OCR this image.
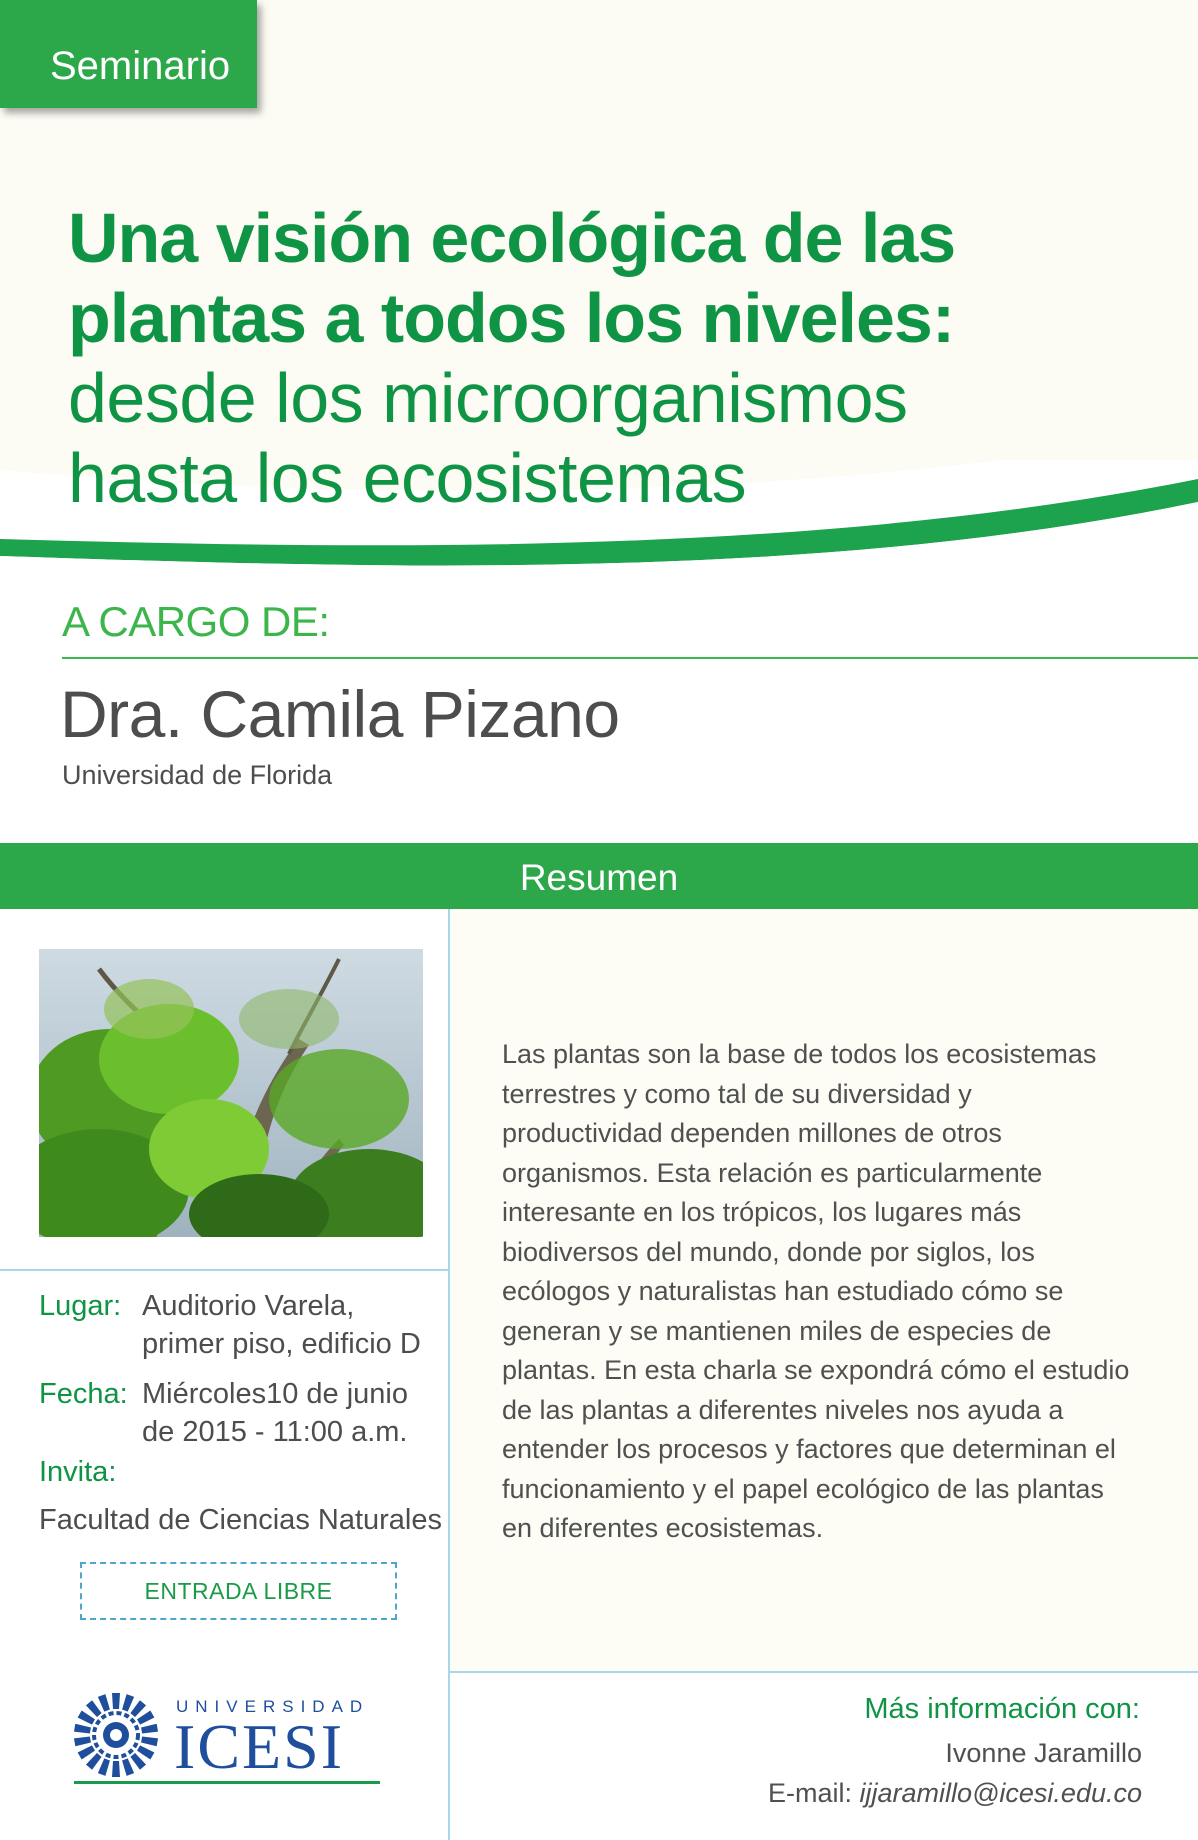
Seminario
Una visión ecológica de las
plantas a todos los niveles:
desde los microorganismos
hasta los ecosistemas
A CARGO DE:
Dra. Camila Pizano
Universidad de Florida
Resumen
Lugar: Auditorio Varela,
primer piso, edificio D
Fecha: Miércoles10 de junio
de 2015 - 11:00 a.m.
Invita:
Facultad de Ciencias Naturales
ENTRADA LIBRE
UNIVERSIDAD
ICESI
Las plantas son la base de todos los ecosistemas
terrestres y como tal de su diversidad y
productividad dependen millones de otros
organismos. Esta relación es particularmente
interesante en los trópicos, los lugares más
biodiversos del mundo, donde por siglos, los
ecólogos y naturalistas han estudiado cómo se
generan y se mantienen miles de especies de
plantas. En esta charla se expondrá cómo el estudio
de las plantas a diferentes niveles nos ayuda a
entender los procesos y factores que determinan el
funcionamiento y el papel ecológico de las plantas
en diferentes ecosistemas.
Más información con:
Ivonne Jaramillo
E-mail: ijjaramillo@icesi.edu.co
